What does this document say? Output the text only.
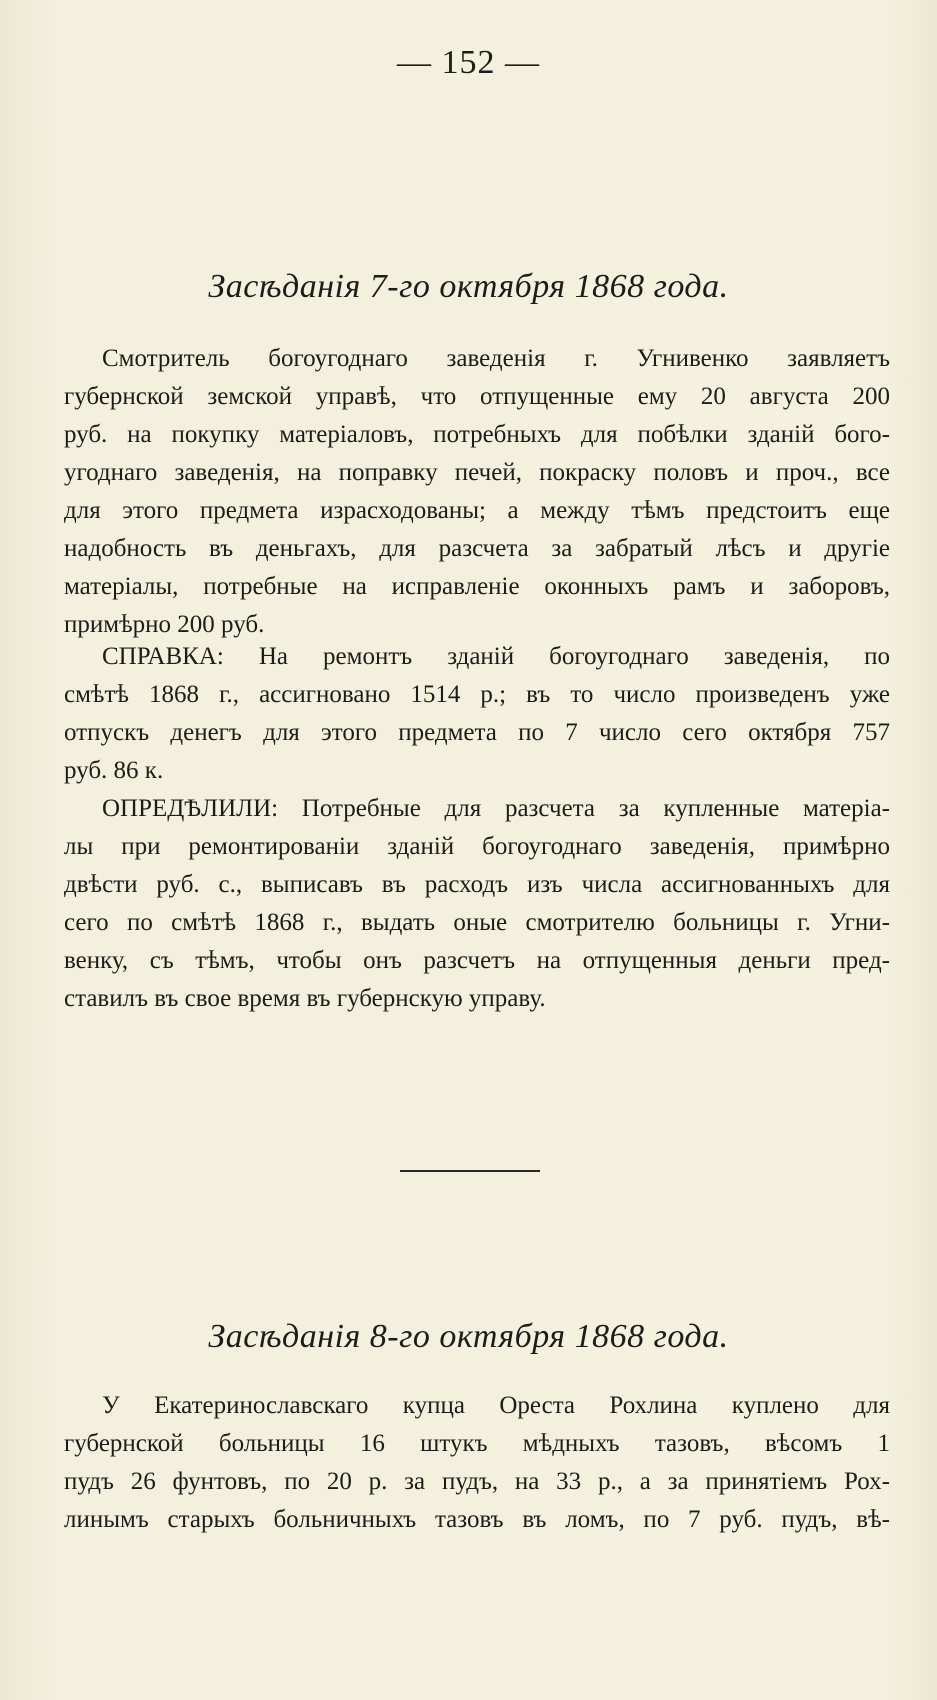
— 152 —
Засѣданія 7-го октября 1868 года.
Смотритель богоугоднаго заведенія г. Угнивенко заявляетъ
губернской земской управѣ, что отпущенные ему 20 августа 200
руб. на покупку матеріаловъ, потребныхъ для побѣлки зданій бого-
угоднаго заведенія, на поправку печей, покраску половъ и проч., все
для этого предмета израсходованы; а между тѣмъ предстоитъ еще
надобность въ деньгахъ, для разсчета за забратый лѣсъ и другіе
матеріалы, потребные на исправленіе оконныхъ рамъ и заборовъ,
примѣрно 200 руб.
СПРАВКА: На ремонтъ зданій богоугоднаго заведенія, по
смѣтѣ 1868 г., ассигновано 1514 р.; въ то число произведенъ уже
отпускъ денегъ для этого предмета по 7 число сего октября 757
руб. 86 к.
ОПРЕДѢЛИЛИ: Потребные для разсчета за купленные матеріа-
лы при ремонтированіи зданій богоугоднаго заведенія, примѣрно
двѣсти руб. с., выписавъ въ расходъ изъ числа ассигнованныхъ для
сего по смѣтѣ 1868 г., выдать оные смотрителю больницы г. Угни-
венку, съ тѣмъ, чтобы онъ разсчетъ на отпущенныя деньги пред-
ставилъ въ свое время въ губернскую управу.
Засѣданія 8-го октября 1868 года.
У Екатеринославскаго купца Ореста Рохлина куплено для
губернской больницы 16 штукъ мѣдныхъ тазовъ, вѣсомъ 1
пудъ 26 фунтовъ, по 20 р. за пудъ, на 33 р., а за принятіемъ Рох-
линымъ старыхъ больничныхъ тазовъ въ ломъ, по 7 руб. пудъ, вѣ-
